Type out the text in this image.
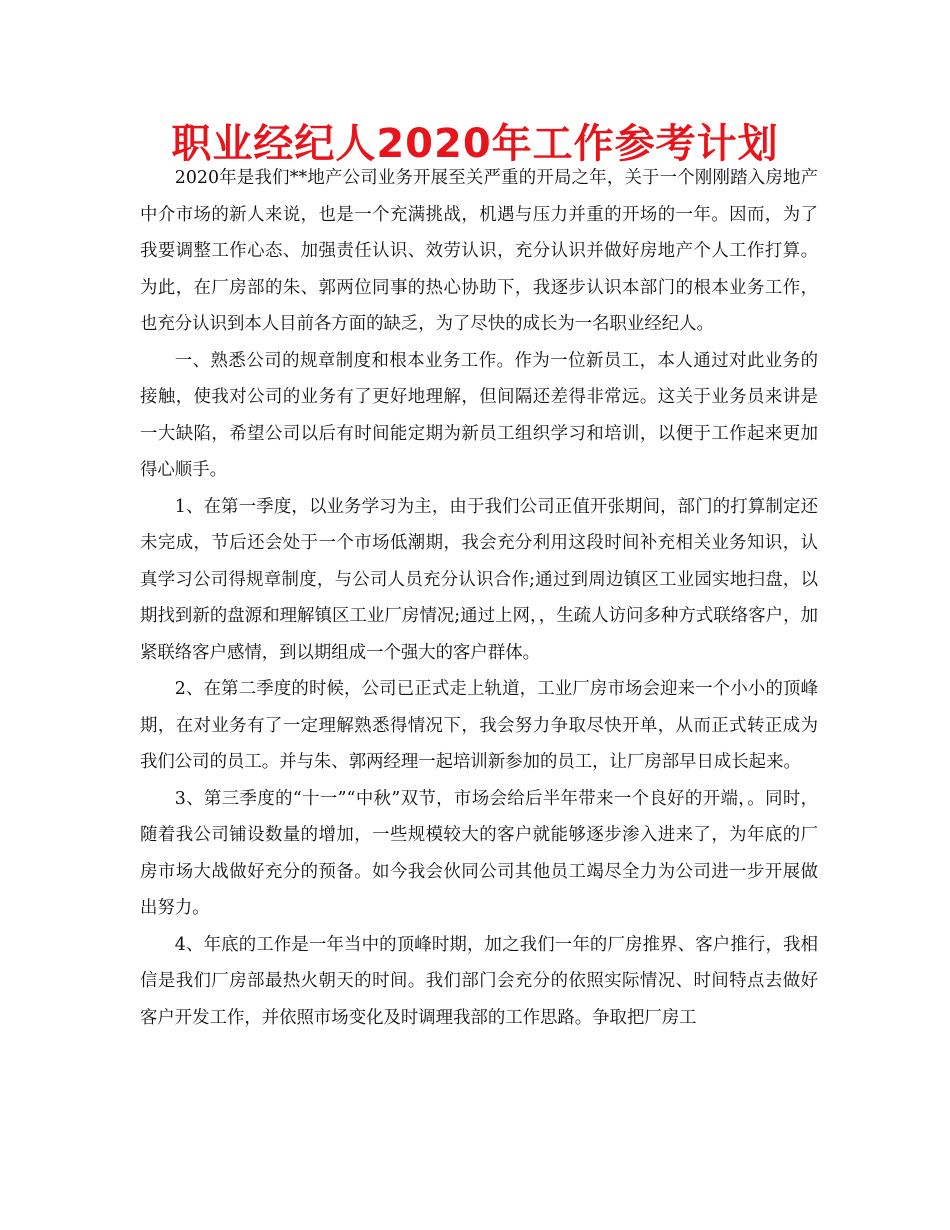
职业经纪人2020年工作参考计划

2020年是我们**地产公司业务开展至关严重的开局之年，关于一个刚刚踏入房地产中介市场的新人来说，也是一个充满挑战，机遇与压力并重的开场的一年。因而，为了我要调整工作心态、加强责任认识、效劳认识，充分认识并做好房地产个人工作打算。为此，在厂房部的朱、郭两位同事的热心协助下，我逐步认识本部门的根本业务工作，也充分认识到本人目前各方面的缺乏，为了尽快的成长为一名职业经纪人。

一、熟悉公司的规章制度和根本业务工作。作为一位新员工，本人通过对此业务的接触，使我对公司的业务有了更好地理解，但间隔还差得非常远。这关于业务员来讲是一大缺陷，希望公司以后有时间能定期为新员工组织学习和培训，以便于工作起来更加得心顺手。

1、在第一季度，以业务学习为主，由于我们公司正值开张期间，部门的打算制定还未完成，节后还会处于一个市场低潮期，我会充分利用这段时间补充相关业务知识，认真学习公司得规章制度，与公司人员充分认识合作;通过到周边镇区工业园实地扫盘，以期找到新的盘源和理解镇区工业厂房情况;通过上网，，生疏人访问多种方式联络客户，加紧联络客户感情，到以期组成一个强大的客户群体。

2、在第二季度的时候，公司已正式走上轨道，工业厂房市场会迎来一个小小的顶峰期，在对业务有了一定理解熟悉得情况下，我会努力争取尽快开单，从而正式转正成为我们公司的员工。并与朱、郭两经理一起培训新参加的员工，让厂房部早日成长起来。

3、第三季度的“十一”“中秋”双节，市场会给后半年带来一个良好的开端，。同时，随着我公司铺设数量的增加，一些规模较大的客户就能够逐步渗入进来了，为年底的厂房市场大战做好充分的预备。如今我会伙同公司其他员工竭尽全力为公司进一步开展做出努力。

4、年底的工作是一年当中的顶峰时期，加之我们一年的厂房推界、客户推行，我相信是我们厂房部最热火朝天的时间。我们部门会充分的依照实际情况、时间特点去做好客户开发工作，并依照市场变化及时调理我部的工作思路。争取把厂房工
